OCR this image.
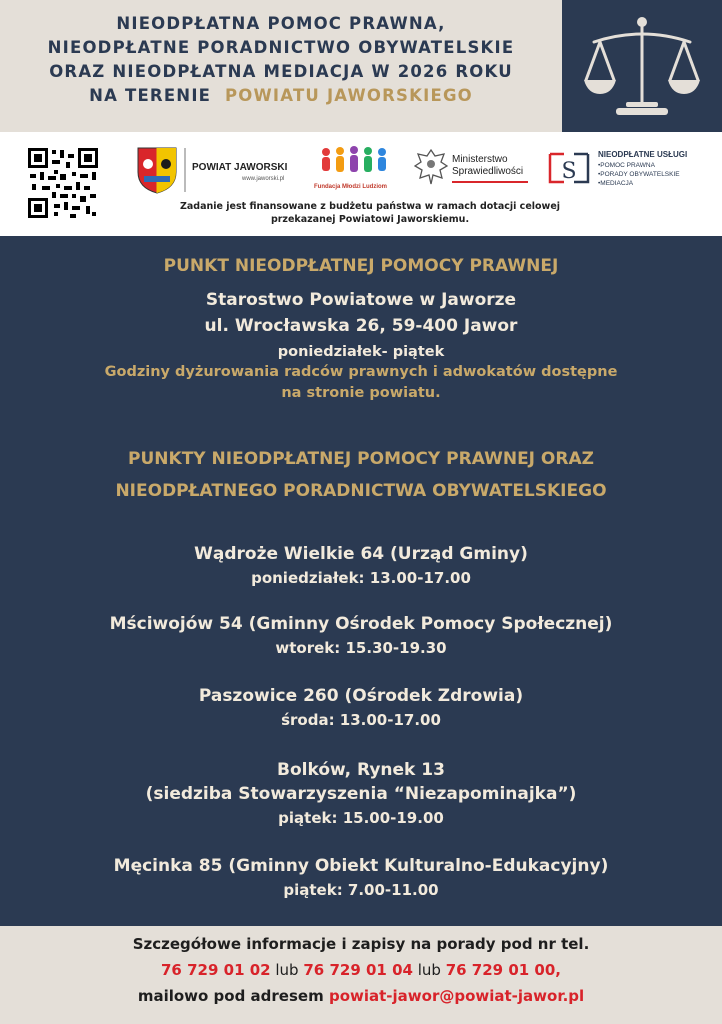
NIEODPŁATNA POMOC PRAWNA,
NIEODPŁATNE PORADNICTWO OBYWATELSKIE
ORAZ NIEODPŁATNA MEDIACJA W 2026 ROKU
NA TERENIE POWIATU JAWORSKIEGO
POWIAT JAWORSKI
www.jaworski.pl
Fundacja Młodzi Ludziom
Ministerstwo
Sprawiedliwości S
NIEODPŁATNE USŁUGI
•POMOC PRAWNA
•PORADY OBYWATELSKIE
•MEDIACJA
Zadanie jest finansowane z budżetu państwa w ramach dotacji celowej
przekazanej Powiatowi Jaworskiemu.
PUNKT NIEODPŁATNEJ POMOCY PRAWNEJ
Starostwo Powiatowe w Jaworze
ul. Wrocławska 26, 59-400 Jawor
poniedziałek- piątek
Godziny dyżurowania radców prawnych i adwokatów dostępne
na stronie powiatu.
PUNKTY NIEODPŁATNEJ POMOCY PRAWNEJ ORAZ
NIEODPŁATNEGO PORADNICTWA OBYWATELSKIEGO
Wądroże Wielkie 64 (Urząd Gminy)
poniedziałek: 13.00-17.00
Mściwojów 54 (Gminny Ośrodek Pomocy Społecznej)
wtorek: 15.30-19.30
Paszowice 260 (Ośrodek Zdrowia)
środa: 13.00-17.00
Bolków, Rynek 13
(siedziba Stowarzyszenia “Niezapominajka”)
piątek: 15.00-19.00
Męcinka 85 (Gminny Obiekt Kulturalno-Edukacyjny)
piątek: 7.00-11.00
Szczegółowe informacje i zapisy na porady pod nr tel.
76 729 01 02 lub 76 729 01 04 lub 76 729 01 00,
mailowo pod adresem powiat-jawor@powiat-jawor.pl
